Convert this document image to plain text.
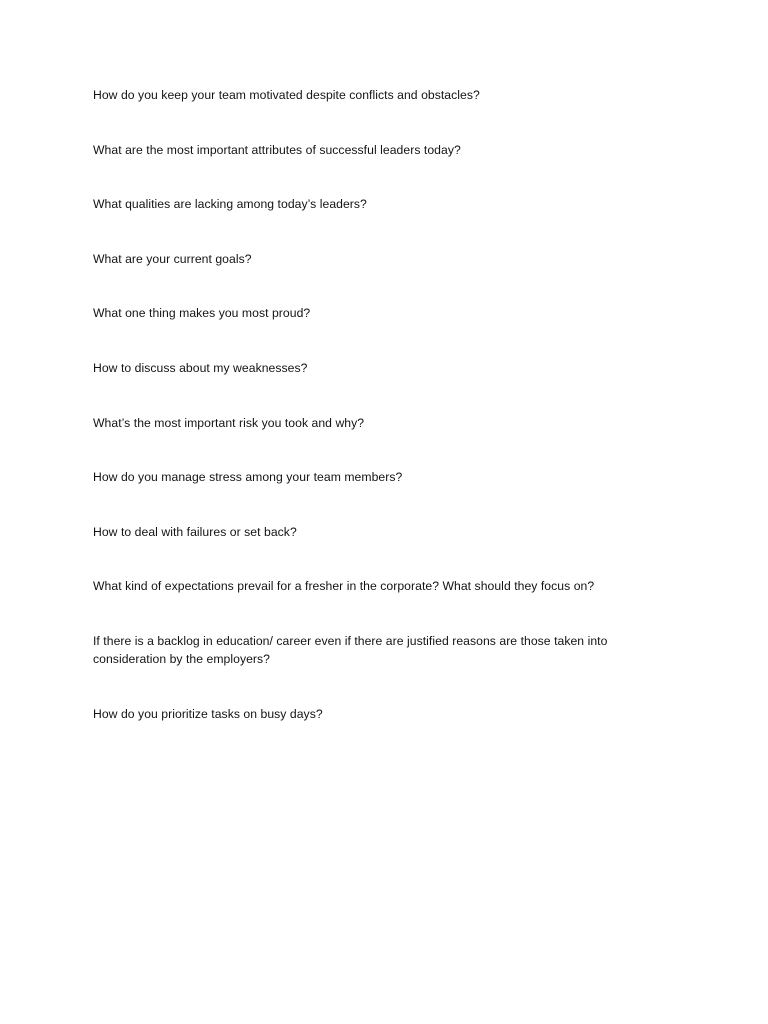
How do you keep your team motivated despite conflicts and obstacles?
What are the most important attributes of successful leaders today?
What qualities are lacking among today’s leaders?
What are your current goals?
What one thing makes you most proud?
How to discuss about my weaknesses?
What’s the most important risk you took and why?
How do you manage stress among your team members?
How to deal with failures or set back?
What kind of expectations prevail for a fresher in the corporate? What should they focus on?
If there is a backlog in education/ career even if there are justified reasons are those taken into consideration by the employers?
How do you prioritize tasks on busy days?
